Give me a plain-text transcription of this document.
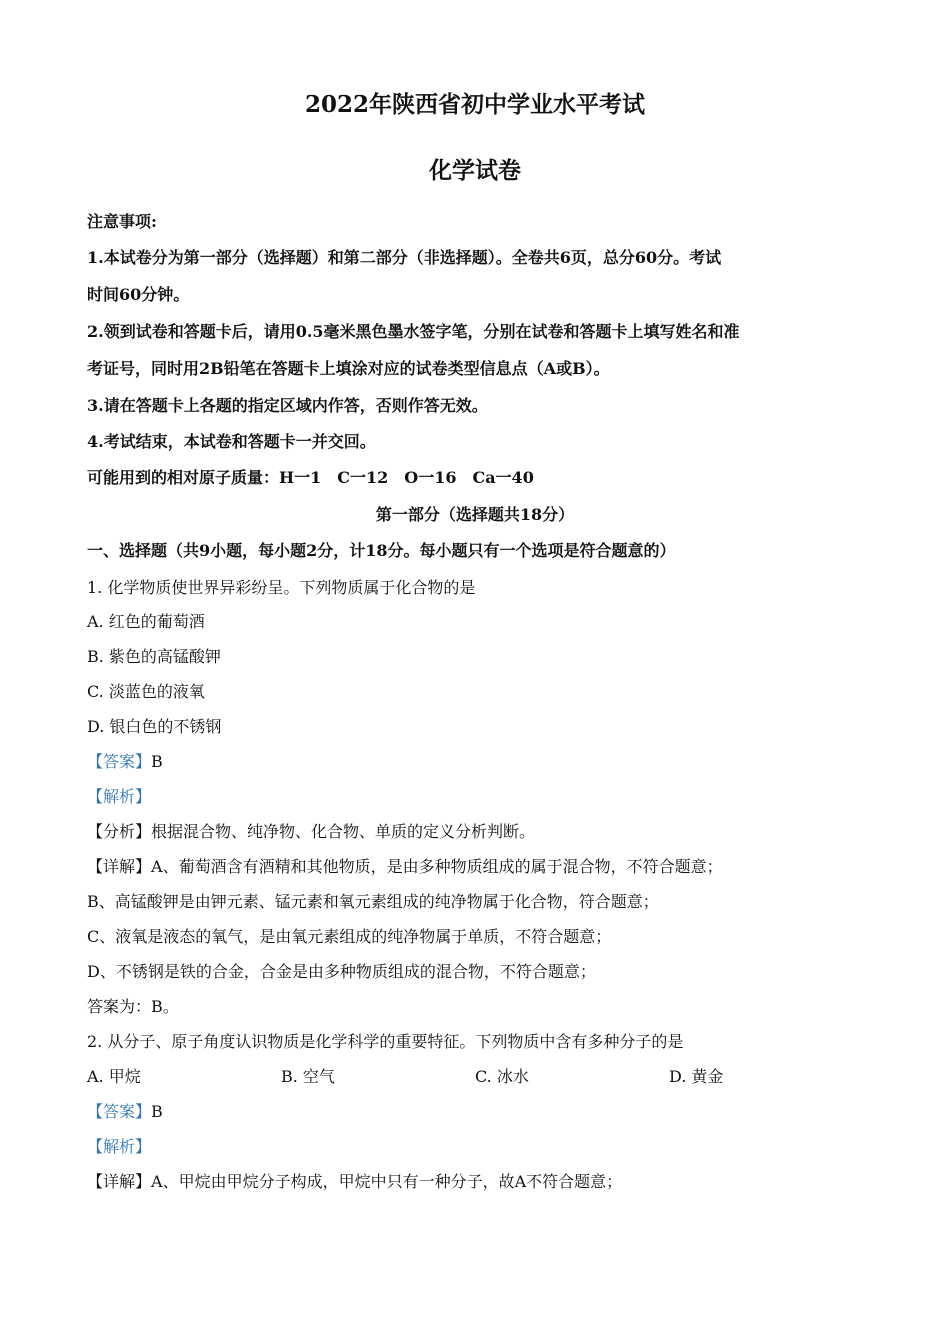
2022年陕西省初中学业水平考试
化学试卷
注意事项:
1.本试卷分为第一部分（选择题）和第二部分（非选择题）。全卷共6页，总分60分。考试
时间60分钟。
2.领到试卷和答题卡后，请用0.5毫米黑色墨水签字笔，分别在试卷和答题卡上填写姓名和准
考证号，同时用2B铅笔在答题卡上填涂对应的试卷类型信息点（A或B）。
3.请在答题卡上各题的指定区域内作答，否则作答无效。
4.考试结束，本试卷和答题卡一并交回。
可能用到的相对原子质量：H一1　C一12　O一16　Ca一40
第一部分（选择题共18分）
一、选择题（共9小题，每小题2分，计18分。每小题只有一个选项是符合题意的）
1. 化学物质使世界异彩纷呈。下列物质属于化合物的是
A. 红色的葡萄酒
B. 紫色的高锰酸钾
C. 淡蓝色的液氧
D. 银白色的不锈钢
【答案】B
【解析】
【分析】根据混合物、纯净物、化合物、单质的定义分析判断。
【详解】A、葡萄酒含有酒精和其他物质，是由多种物质组成的属于混合物，不符合题意；
B、高锰酸钾是由钾元素、锰元素和氧元素组成的纯净物属于化合物，符合题意；
C、液氧是液态的氧气，是由氧元素组成的纯净物属于单质，不符合题意；
D、不锈钢是铁的合金，合金是由多种物质组成的混合物，不符合题意；
答案为：B。
2. 从分子、原子角度认识物质是化学科学的重要特征。下列物质中含有多种分子的是
A. 甲烷	B. 空气	C. 冰水	D. 黄金
【答案】B
【解析】
【详解】A、甲烷由甲烷分子构成，甲烷中只有一种分子，故A不符合题意；
